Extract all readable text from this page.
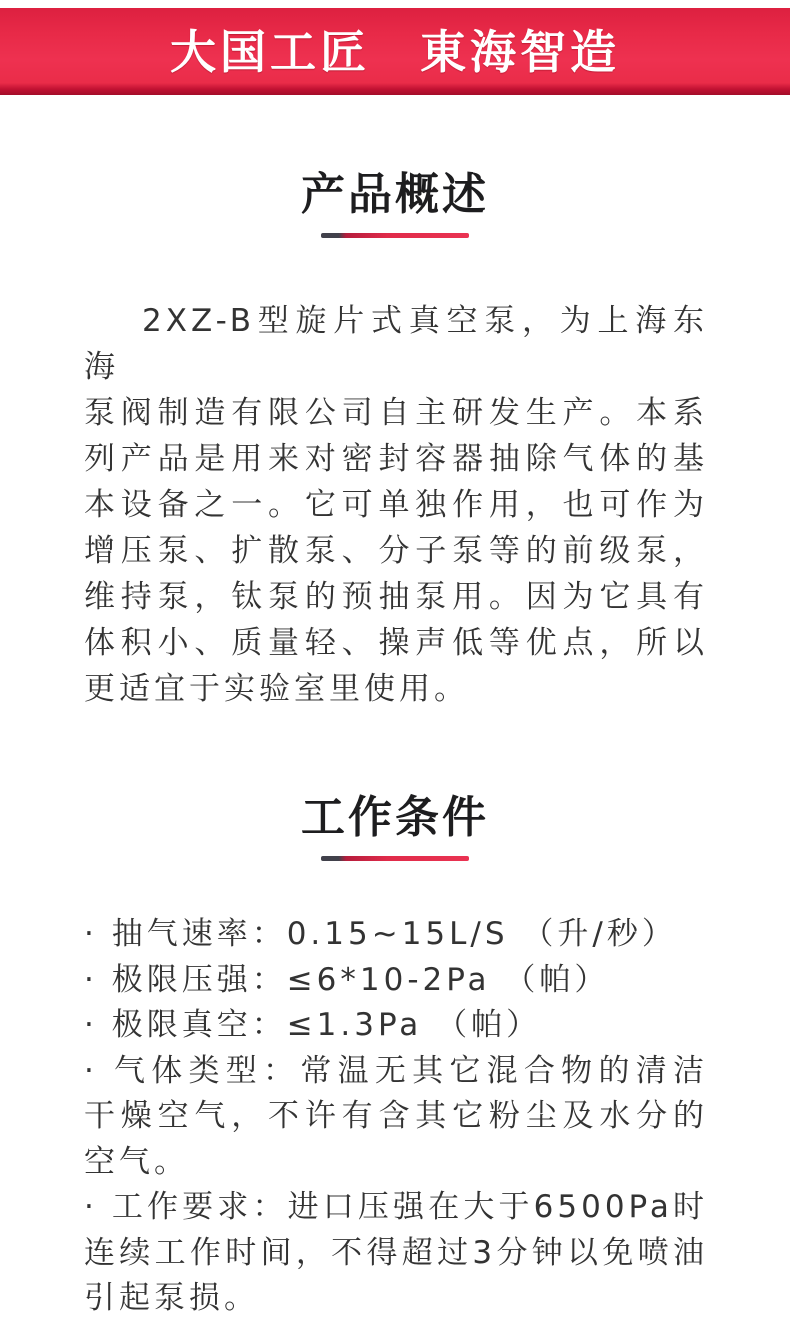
大国工匠　東海智造
产品概述
2XZ-B型旋片式真空泵，为上海东海
泵阀制造有限公司自主研发生产。本系
列产品是用来对密封容器抽除气体的基
本设备之一。它可单独作用，也可作为
增压泵、扩散泵、分子泵等的前级泵，
维持泵，钛泵的预抽泵用。因为它具有
体积小、质量轻、操声低等优点，所以
更适宜于实验室里使用。
工作条件
· 抽气速率：0.15~15L/S （升/秒）
· 极限压强：≤6*10-2Pa （帕）
· 极限真空：≤1.3Pa （帕）
· 气体类型：常温无其它混合物的清洁
干燥空气，不许有含其它粉尘及水分的
空气。
· 工作要求：进口压强在大于6500Pa时
连续工作时间，不得超过3分钟以免喷油
引起泵损。
